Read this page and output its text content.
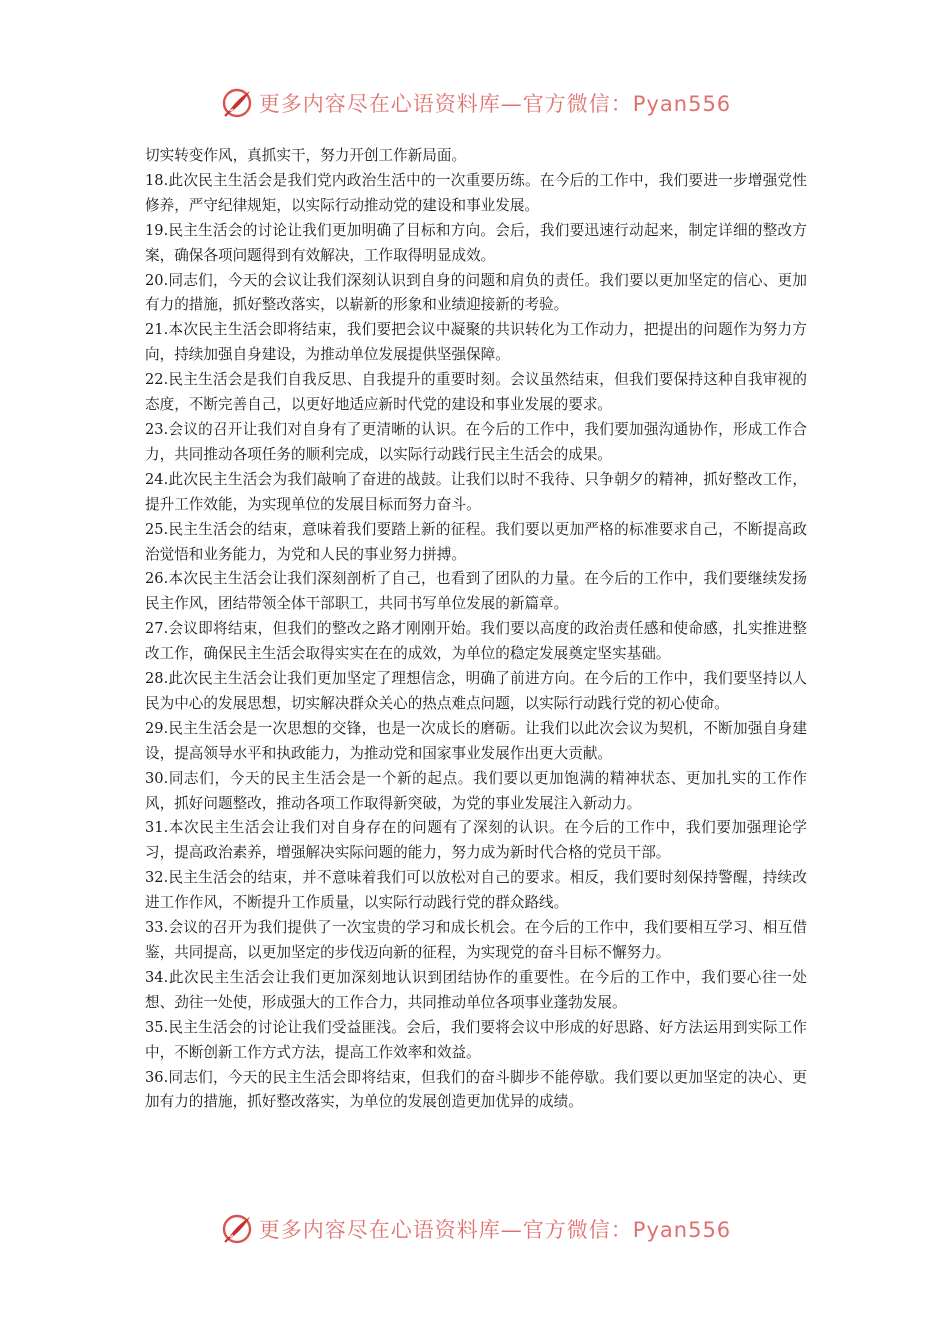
更多内容尽在心语资料库—官方微信：Pyan556

切实转变作风，真抓实干，努力开创工作新局面。

18.此次民主生活会是我们党内政治生活中的一次重要历练。在今后的工作中，我们要进一步增强党性修养，严守纪律规矩，以实际行动推动党的建设和事业发展。

19.民主生活会的讨论让我们更加明确了目标和方向。会后，我们要迅速行动起来，制定详细的整改方案，确保各项问题得到有效解决，工作取得明显成效。

20.同志们，今天的会议让我们深刻认识到自身的问题和肩负的责任。我们要以更加坚定的信心、更加有力的措施，抓好整改落实，以崭新的形象和业绩迎接新的考验。

21.本次民主生活会即将结束，我们要把会议中凝聚的共识转化为工作动力，把提出的问题作为努力方向，持续加强自身建设，为推动单位发展提供坚强保障。

22.民主生活会是我们自我反思、自我提升的重要时刻。会议虽然结束，但我们要保持这种自我审视的态度，不断完善自己，以更好地适应新时代党的建设和事业发展的要求。

23.会议的召开让我们对自身有了更清晰的认识。在今后的工作中，我们要加强沟通协作，形成工作合力，共同推动各项任务的顺利完成，以实际行动践行民主生活会的成果。

24.此次民主生活会为我们敲响了奋进的战鼓。让我们以时不我待、只争朝夕的精神，抓好整改工作，提升工作效能，为实现单位的发展目标而努力奋斗。

25.民主生活会的结束，意味着我们要踏上新的征程。我们要以更加严格的标准要求自己，不断提高政治觉悟和业务能力，为党和人民的事业努力拼搏。

26.本次民主生活会让我们深刻剖析了自己，也看到了团队的力量。在今后的工作中，我们要继续发扬民主作风，团结带领全体干部职工，共同书写单位发展的新篇章。

27.会议即将结束，但我们的整改之路才刚刚开始。我们要以高度的政治责任感和使命感，扎实推进整改工作，确保民主生活会取得实实在在的成效，为单位的稳定发展奠定坚实基础。

28.此次民主生活会让我们更加坚定了理想信念，明确了前进方向。在今后的工作中，我们要坚持以人民为中心的发展思想，切实解决群众关心的热点难点问题，以实际行动践行党的初心使命。

29.民主生活会是一次思想的交锋，也是一次成长的磨砺。让我们以此次会议为契机，不断加强自身建设，提高领导水平和执政能力，为推动党和国家事业发展作出更大贡献。

30.同志们，今天的民主生活会是一个新的起点。我们要以更加饱满的精神状态、更加扎实的工作作风，抓好问题整改，推动各项工作取得新突破，为党的事业发展注入新动力。

31.本次民主生活会让我们对自身存在的问题有了深刻的认识。在今后的工作中，我们要加强理论学习，提高政治素养，增强解决实际问题的能力，努力成为新时代合格的党员干部。

32.民主生活会的结束，并不意味着我们可以放松对自己的要求。相反，我们要时刻保持警醒，持续改进工作作风，不断提升工作质量，以实际行动践行党的群众路线。

33.会议的召开为我们提供了一次宝贵的学习和成长机会。在今后的工作中，我们要相互学习、相互借鉴，共同提高，以更加坚定的步伐迈向新的征程，为实现党的奋斗目标不懈努力。

34.此次民主生活会让我们更加深刻地认识到团结协作的重要性。在今后的工作中，我们要心往一处想、劲往一处使，形成强大的工作合力，共同推动单位各项事业蓬勃发展。

35.民主生活会的讨论让我们受益匪浅。会后，我们要将会议中形成的好思路、好方法运用到实际工作中，不断创新工作方式方法，提高工作效率和效益。

36.同志们，今天的民主生活会即将结束，但我们的奋斗脚步不能停歇。我们要以更加坚定的决心、更加有力的措施，抓好整改落实，为单位的发展创造更加优异的成绩。

更多内容尽在心语资料库—官方微信：Pyan556
